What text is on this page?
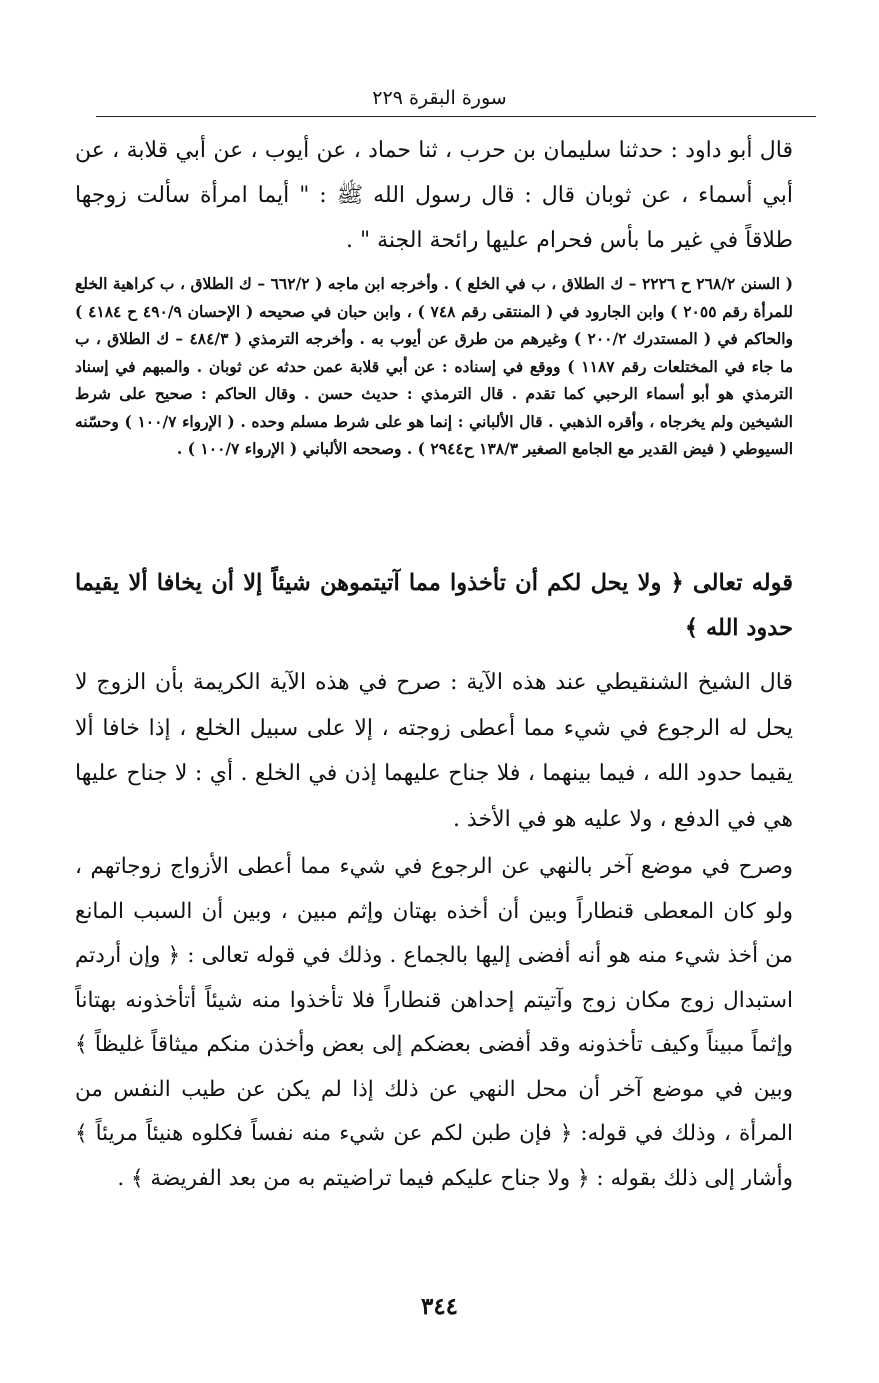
سورة البقرة ٢٢٩

قال أبو داود : حدثنا سليمان بن حرب ، ثنا حماد ، عن أيوب ، عن أبي قلابة ، عن أبي أسماء ، عن ثوبان قال : قال رسول الله ﷺ : " أيما امرأة سألت زوجها طلاقاً في غير ما بأس فحرام عليها رائحة الجنة " .

( السنن ٢٦٨/٢ ح ٢٢٢٦ – ك الطلاق ، ب في الخلع ) . وأخرجه ابن ماجه ( ٦٦٢/٢ – ك الطلاق ، ب كراهية الخلع للمرأة رقم ٢٠٥٥ ) وابن الجارود في ( المنتقى رقم ٧٤٨ ) ، وابن حبان في صحيحه ( الإحسان ٤٩٠/٩ ح ٤١٨٤ ) والحاكم في ( المستدرك ٢٠٠/٢ ) وغيرهم من طرق عن أيوب به . وأخرجه الترمذي ( ٤٨٤/٣ – ك الطلاق ، ب ما جاء في المختلعات رقم ١١٨٧ ) ووقع في إسناده : عن أبي قلابة عمن حدثه عن ثوبان . والمبهم في إسناد الترمذي هو أبو أسماء الرحبي كما تقدم . قال الترمذي : حديث حسن . وقال الحاكم : صحيح على شرط الشيخين ولم يخرجاه ، وأقره الذهبي . قال الألباني : إنما هو على شرط مسلم وحده . ( الإرواء ١٠٠/٧ ) وحسّنه السيوطي ( فيض القدير مع الجامع الصغير ١٣٨/٣ ح٢٩٤٤ ) . وصححه الألباني ( الإرواء ١٠٠/٧ ) .

قوله تعالى ﴿ ولا يحل لكم أن تأخذوا مما آتيتموهن شيئاً إلا أن يخافا ألا يقيما حدود الله ﴾

قال الشيخ الشنقيطي عند هذه الآية : صرح في هذه الآية الكريمة بأن الزوج لا يحل له الرجوع في شيء مما أعطى زوجته ، إلا على سبيل الخلع ، إذا خافا ألا يقيما حدود الله ، فيما بينهما ، فلا جناح عليهما إذن في الخلع . أي : لا جناح عليها هي في الدفع ، ولا عليه هو في الأخذ .

وصرح في موضع آخر بالنهي عن الرجوع في شيء مما أعطى الأزواج زوجاتهم ، ولو كان المعطى قنطاراً وبين أن أخذه بهتان وإثم مبين ، وبين أن السبب المانع من أخذ شيء منه هو أنه أفضى إليها بالجماع . وذلك في قوله تعالى : ﴿ وإن أردتم استبدال زوج مكان زوج وآتيتم إحداهن قنطاراً فلا تأخذوا منه شيئاً أتأخذونه بهتاناً وإثماً مبيناً وكيف تأخذونه وقد أفضى بعضكم إلى بعض وأخذن منكم ميثاقاً غليظاً ﴾ وبين في موضع آخر أن محل النهي عن ذلك إذا لم يكن عن طيب النفس من المرأة ، وذلك في قوله: ﴿ فإن طبن لكم عن شيء منه نفساً فكلوه هنيئاً مريئاً ﴾ وأشار إلى ذلك بقوله : ﴿ ولا جناح عليكم فيما تراضيتم به من بعد الفريضة ﴾ .

٣٤٤
